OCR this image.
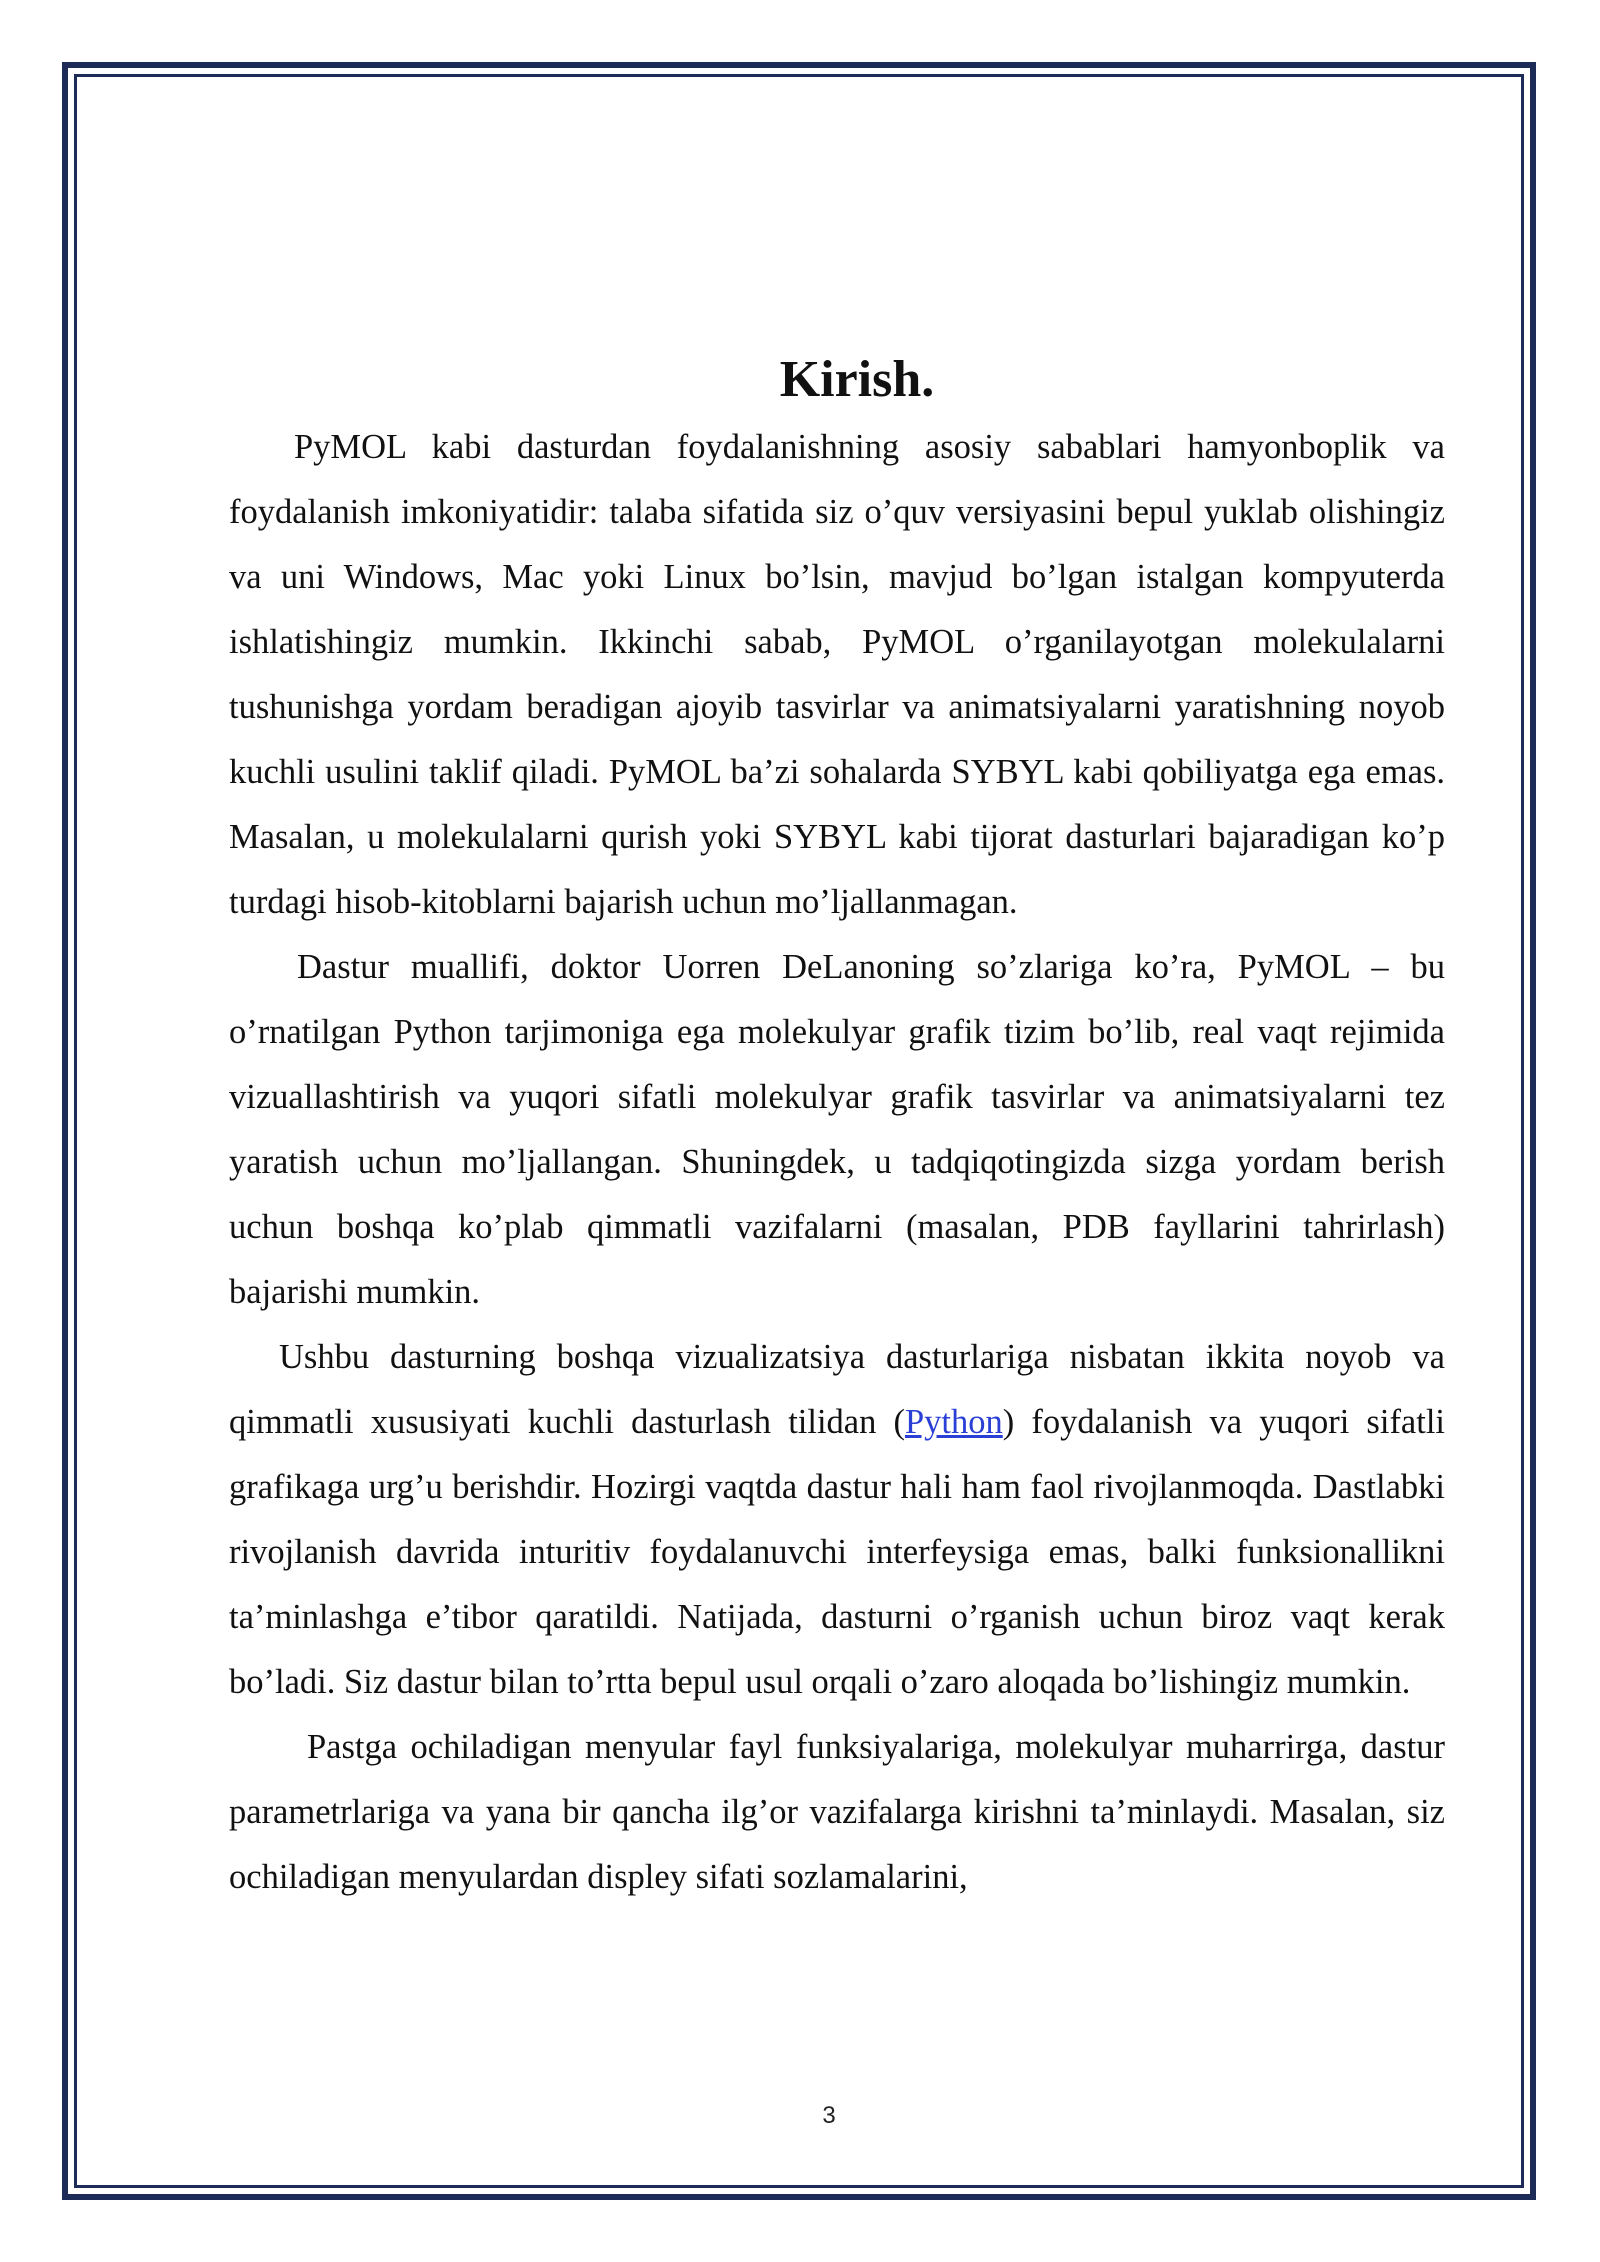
Kirish.

PyMOL kabi dasturdan foydalanishning asosiy sabablari hamyonboplik va foydalanish imkoniyatidir: talaba sifatida siz o’quv versiyasini bepul yuklab olishingiz va uni Windows, Mac yoki Linux bo’lsin, mavjud bo’lgan istalgan kompyuterda ishlatishingiz mumkin. Ikkinchi sabab, PyMOL o’rganilayotgan molekulalarni tushunishga yordam beradigan ajoyib tasvirlar va animatsiyalarni yaratishning noyob kuchli usulini taklif qiladi. PyMOL ba’zi sohalarda SYBYL kabi qobiliyatga ega emas. Masalan, u molekulalarni qurish yoki SYBYL kabi tijorat dasturlari bajaradigan ko’p turdagi hisob-kitoblarni bajarish uchun mo’ljallanmagan.

Dastur muallifi, doktor Uorren DeLanoning so’zlariga ko’ra, PyMOL – bu o’rnatilgan Python tarjimoniga ega molekulyar grafik tizim bo’lib, real vaqt rejimida vizuallashtirish va yuqori sifatli molekulyar grafik tasvirlar va animatsiyalarni tez yaratish uchun mo’ljallangan. Shuningdek, u tadqiqotingizda sizga yordam berish uchun boshqa ko’plab qimmatli vazifalarni (masalan, PDB fayllarini tahrirlash) bajarishi mumkin.

Ushbu dasturning boshqa vizualizatsiya dasturlariga nisbatan ikkita noyob va qimmatli xususiyati kuchli dasturlash tilidan (Python) foydalanish va yuqori sifatli grafikaga urg’u berishdir. Hozirgi vaqtda dastur hali ham faol rivojlanmoqda. Dastlabki rivojlanish davrida inturitiv foydalanuvchi interfeysiga emas, balki funksionallikni ta’minlashga e’tibor qaratildi. Natijada, dasturni o’rganish uchun biroz vaqt kerak bo’ladi. Siz dastur bilan to’rtta bepul usul orqali o’zaro aloqada bo’lishingiz mumkin.

Pastga ochiladigan menyular fayl funksiyalariga, molekulyar muharrirga, dastur parametrlariga va yana bir qancha ilg’or vazifalarga kirishni ta’minlaydi. Masalan, siz ochiladigan menyulardan displey sifati sozlamalarini,

3
